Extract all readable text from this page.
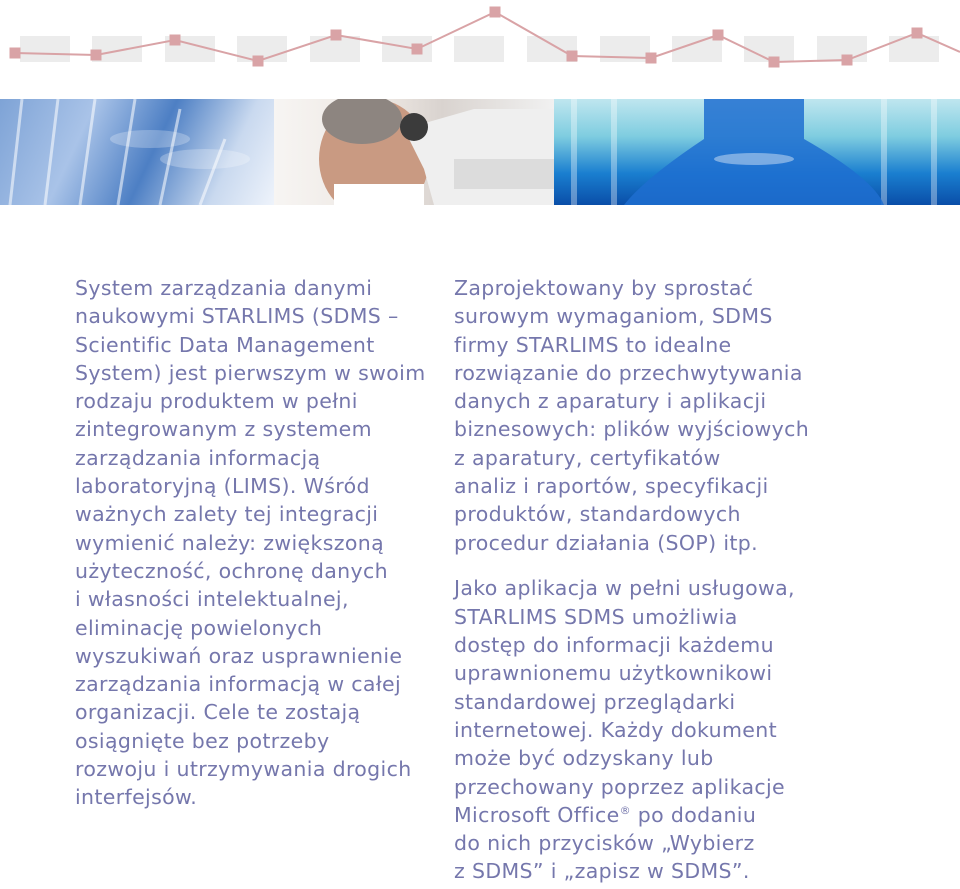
System zarządzania danymi
naukowymi STARLIMS (SDMS –
Scientific Data Management
System) jest pierwszym w swoim
rodzaju produktem w pełni
zintegrowanym z systemem
zarządzania informacją
laboratoryjną (LIMS). Wśród
ważnych zalety tej integracji
wymienić należy: zwiększoną
użyteczność, ochronę danych
i własności intelektualnej,
eliminację powielonych
wyszukiwań oraz usprawnienie
zarządzania informacją w całej
organizacji. Cele te zostają
osiągnięte bez potrzeby
rozwoju i utrzymywania drogich
interfejsów.
Zaprojektowany by sprostać
surowym wymaganiom, SDMS
firmy STARLIMS to idealne
rozwiązanie do przechwytywania
danych z aparatury i aplikacji
biznesowych: plików wyjściowych
z aparatury, certyfikatów
analiz i raportów, specyfikacji
produktów, standardowych
procedur działania (SOP) itp.
Jako aplikacja w pełni usługowa,
STARLIMS SDMS umożliwia
dostęp do informacji każdemu
uprawnionemu użytkownikowi
standardowej przeglądarki
internetowej. Każdy dokument
może być odzyskany lub
przechowany poprzez aplikacje
Microsoft Office® po dodaniu
do nich przycisków „Wybierz
z SDMS” i „zapisz w SDMS”.
